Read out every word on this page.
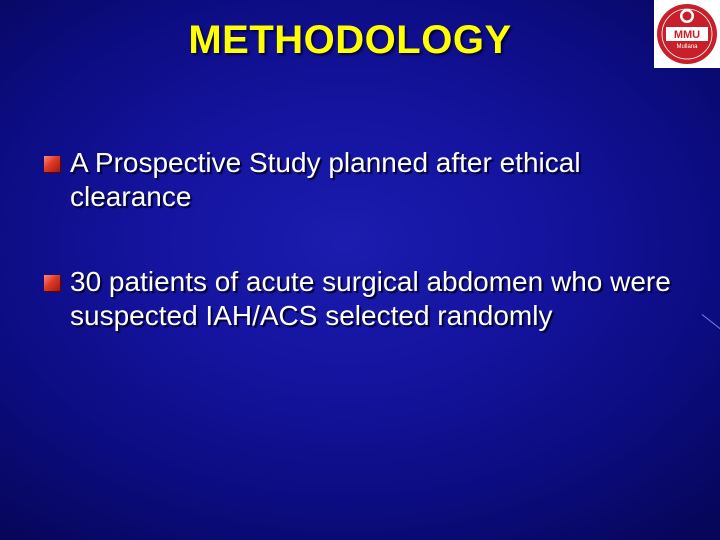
METHODOLOGY	MMU
Mullana
A Prospective Study planned after ethical clearance
30 patients of acute surgical abdomen who were suspected IAH/ACS selected randomly
